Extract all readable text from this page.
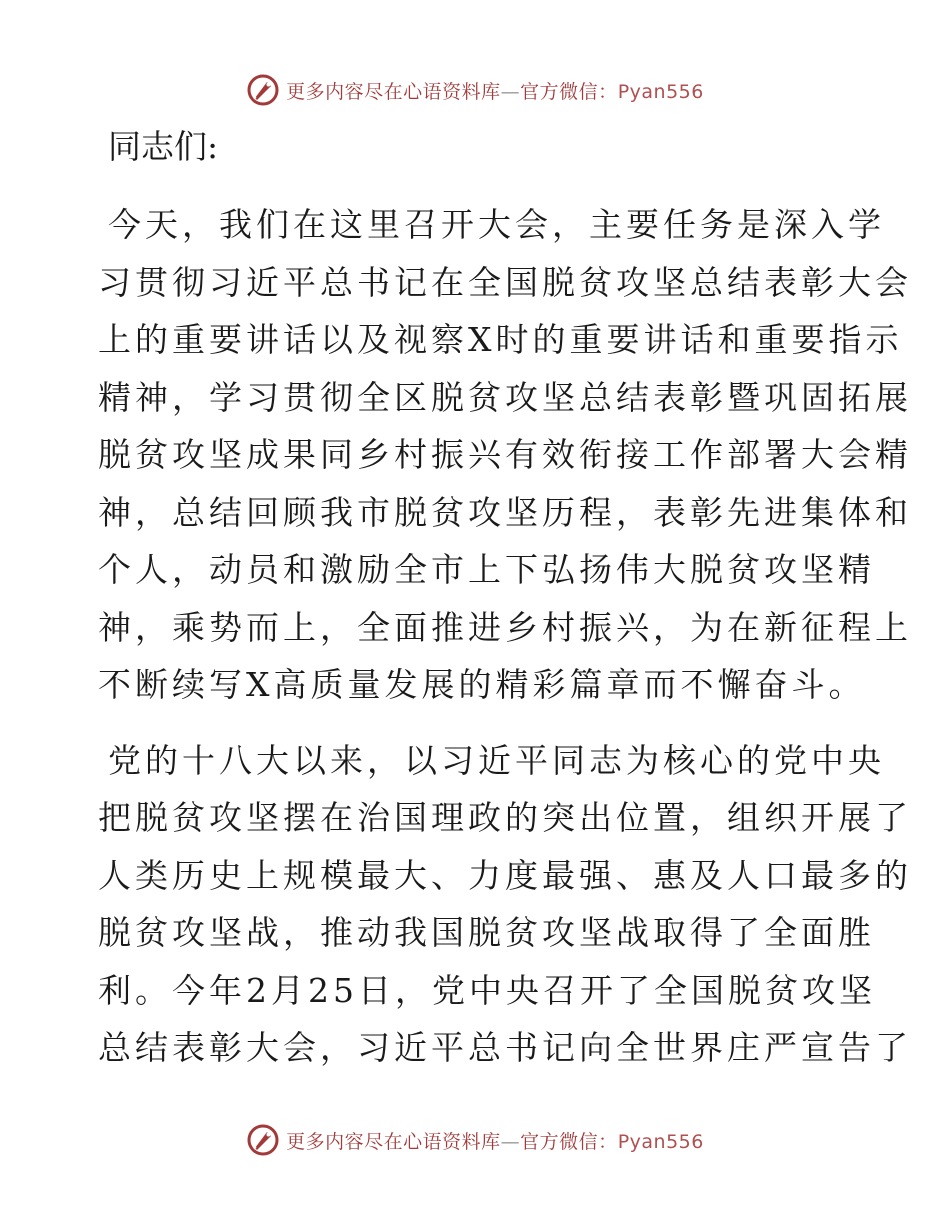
更多内容尽在心语资料库—官方微信：Pyan556

同志们:

今天，我们在这里召开大会，主要任务是深入学
习贯彻习近平总书记在全国脱贫攻坚总结表彰大会
上的重要讲话以及视察X时的重要讲话和重要指示
精神，学习贯彻全区脱贫攻坚总结表彰暨巩固拓展
脱贫攻坚成果同乡村振兴有效衔接工作部署大会精
神，总结回顾我市脱贫攻坚历程，表彰先进集体和
个人，动员和激励全市上下弘扬伟大脱贫攻坚精
神，乘势而上，全面推进乡村振兴，为在新征程上
不断续写X高质量发展的精彩篇章而不懈奋斗。
党的十八大以来，以习近平同志为核心的党中央
把脱贫攻坚摆在治国理政的突出位置，组织开展了
人类历史上规模最大、力度最强、惠及人口最多的
脱贫攻坚战，推动我国脱贫攻坚战取得了全面胜
利。今年2月25日，党中央召开了全国脱贫攻坚
总结表彰大会，习近平总书记向全世界庄严宣告了
更多内容尽在心语资料库—官方微信：Pyan556
